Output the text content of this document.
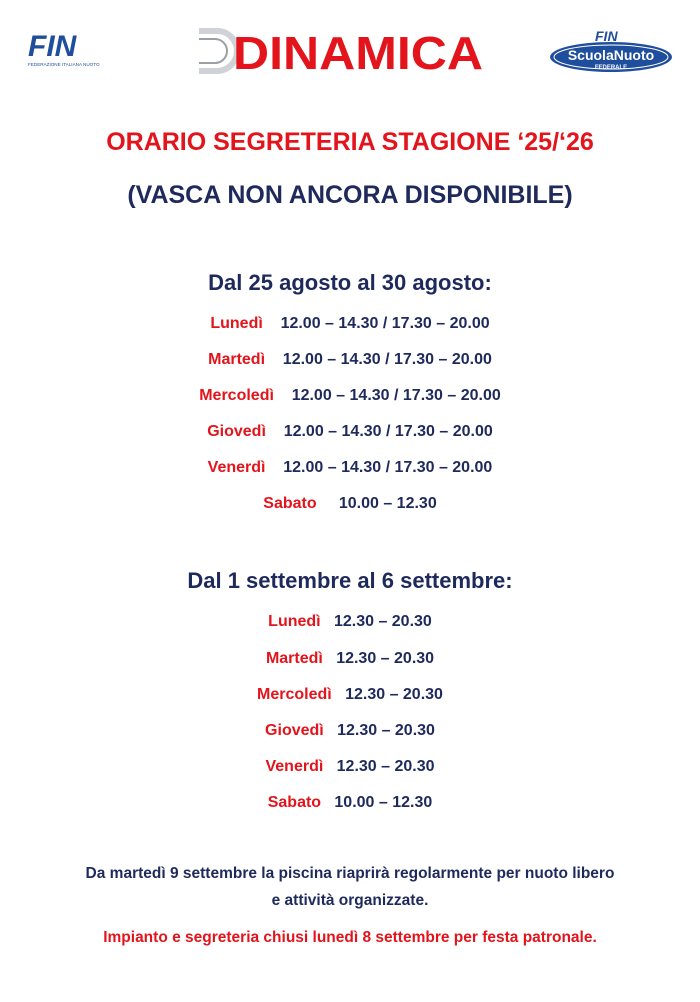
FIN
FEDERAZIONE ITALIANA NUOTO	DINAMICA	FIN
ScuolaNuoto
FEDERALE
ORARIO SEGRETERIA STAGIONE ‘25/‘26
(VASCA NON ANCORA DISPONIBILE)
Dal 25 agosto al 30 agosto:
Lunedì 12.00 – 14.30 / 17.30 – 20.00
Martedì 12.00 – 14.30 / 17.30 – 20.00
Mercoledì 12.00 – 14.30 / 17.30 – 20.00
Giovedì 12.00 – 14.30 / 17.30 – 20.00
Venerdì 12.00 – 14.30 / 17.30 – 20.00
Sabato 10.00 – 12.30
Dal 1 settembre al 6 settembre:
Lunedì 12.30 – 20.30
Martedì 12.30 – 20.30
Mercoledì 12.30 – 20.30
Giovedì 12.30 – 20.30
Venerdì 12.30 – 20.30
Sabato 10.00 – 12.30
Da martedì 9 settembre la piscina riaprirà regolarmente per nuoto libero
e attività organizzate.
Impianto e segreteria chiusi lunedì 8 settembre per festa patronale.
